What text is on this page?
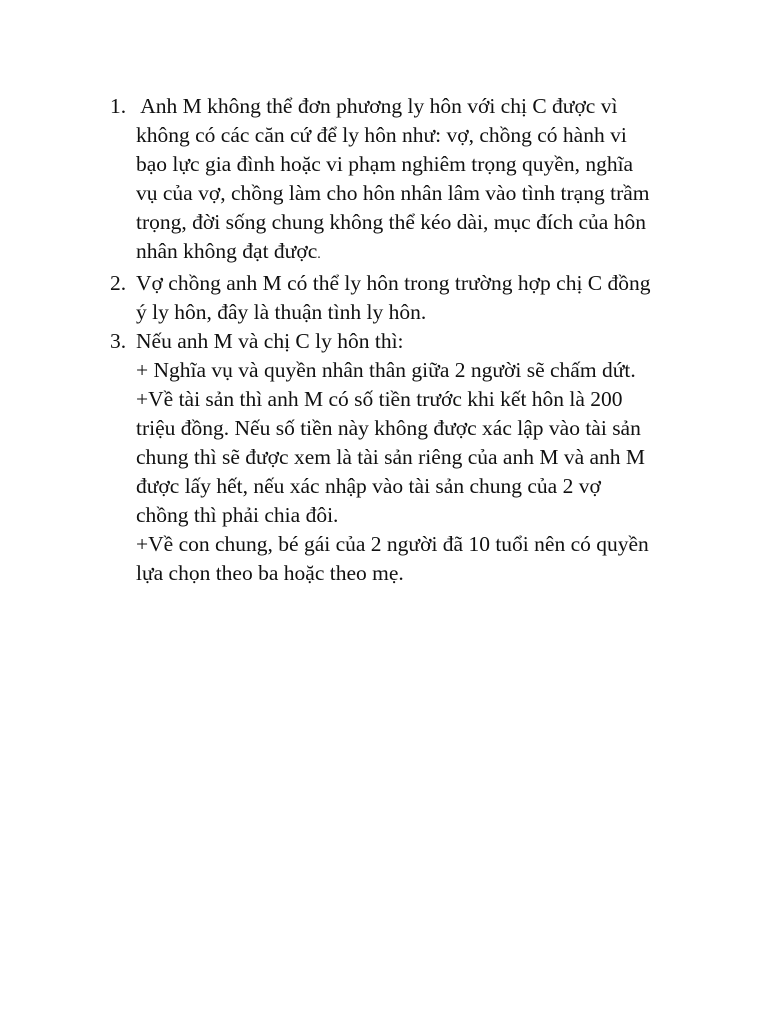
1. Anh M không thể đơn phương ly hôn với chị C được vì
không có các căn cứ để ly hôn như: vợ, chồng có hành vi
bạo lực gia đình hoặc vi phạm nghiêm trọng quyền, nghĩa
vụ của vợ, chồng làm cho hôn nhân lâm vào tình trạng trầm
trọng, đời sống chung không thể kéo dài, mục đích của hôn
nhân không đạt được.
2. Vợ chồng anh M có thể ly hôn trong trường hợp chị C đồng
ý ly hôn, đây là thuận tình ly hôn.
3. Nếu anh M và chị C ly hôn thì:
+ Nghĩa vụ và quyền nhân thân giữa 2 người sẽ chấm dứt.
+Về tài sản thì anh M có số tiền trước khi kết hôn là 200
triệu đồng. Nếu số tiền này không được xác lập vào tài sản
chung thì sẽ được xem là tài sản riêng của anh M và anh M
được lấy hết, nếu xác nhập vào tài sản chung của 2 vợ
chồng thì phải chia đôi.
+Về con chung, bé gái của 2 người đã 10 tuổi nên có quyền
lựa chọn theo ba hoặc theo mẹ.
